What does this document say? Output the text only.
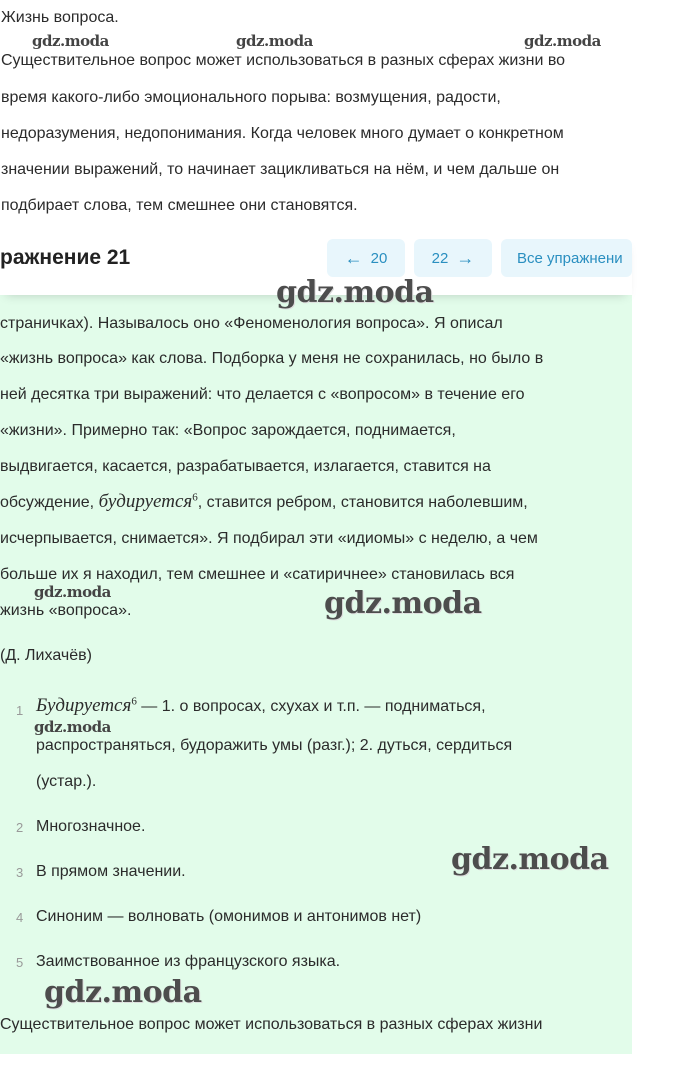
Жизнь вопроса.
Существительное вопрос может использоваться в разных сферах жизни во
время какого-либо эмоционального порыва: возмущения, радости,
недоразумения, недопонимания. Когда человек много думает о конкретном
значении выражений, то начинает зацикливаться на нём, и чем дальше он
подбирает слова, тем смешнее они становятся.
страничках). Называлось оно «Феноменология вопроса». Я описал
«жизнь вопроса» как слова. Подборка у меня не сохранилась, но было в
ней десятка три выражений: что делается с «вопросом» в течение его
«жизни». Примерно так: «Вопрос зарождается, поднимается,
выдвигается, касается, разрабатывается, излагается, ставится на
обсуждение, будируется$^6$, ставится ребром, становится наболевшим,
исчерпывается, снимается». Я подбирал эти «идиомы» с неделю, а чем
больше их я находил, тем смешнее и «сатиричнее» становилась вся
жизнь «вопроса».
(Д. Лихачёв)
1 Будируется$^6$ — 1. о вопросах, схухах и т.п. — подниматься,
распространяться, будоражить умы (разг.); 2. дуться, сердиться
(устар.).
2 Многозначное.
3 В прямом значении.
4 Синоним — волновать (омонимов и антонимов нет)
5 Заимствованное из французского языка.
Существительное вопрос может использоваться в разных сферах жизни
ражнение 21	← 20	22 →	Все упражнени
gdz.moda	gdz.moda	gdz.moda
gdz.moda
gdz.moda	gdz.moda
gdz.moda
gdz.moda
gdz.moda
